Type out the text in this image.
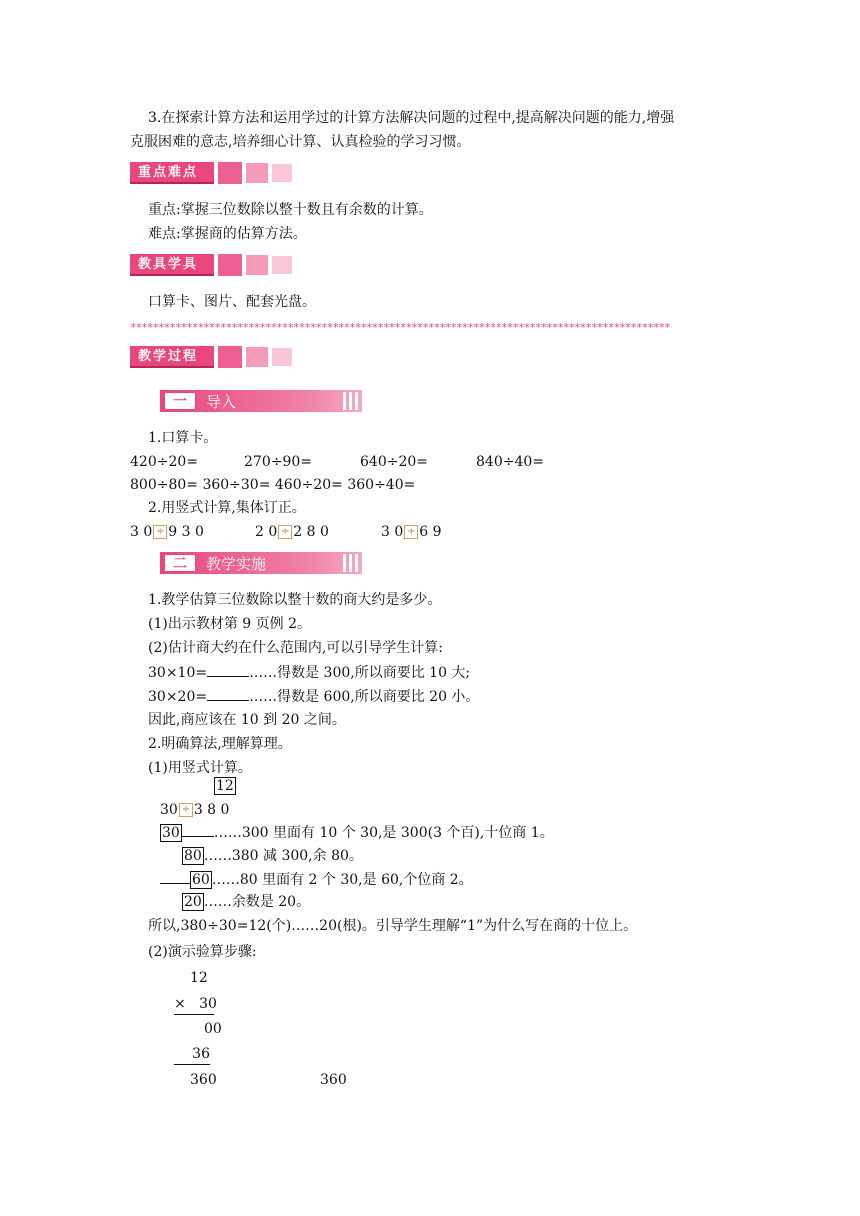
3.在探索计算方法和运用学过的计算方法解决问题的过程中,提高解决问题的能力,增强
克服困难的意志,培养细心计算、认真检验的学习习惯。
重点难点
重点:掌握三位数除以整十数且有余数的计算。
难点:掌握商的估算方法。
教具学具
口算卡、图片、配套光盘。
************************************************************************************************
教学过程
一	导入
1.口算卡。
420÷20=	270÷90=	640÷20=	840÷40=
800÷80= 360÷30= 460÷20= 360÷40=
2.用竖式计算,集体订正。
3 0 ÷ 9 3 0	2 0 ÷ 2 8 0	3 0 ÷ 6 9
二	教学实施
1.教学估算三位数除以整十数的商大约是多少。
(1)出示教材第 9 页例 2。
(2)估计商大约在什么范围内,可以引导学生计算:
30×10=	……得数是 300,所以商要比 10 大;
30×20=	……得数是 600,所以商要比 20 小。
因此,商应该在 10 到 20 之间。
2.明确算法,理解算理。
(1)用竖式计算。
12
30 ÷ 3 8 0
30 ……300 里面有 10 个 30,是 300(3 个百),十位商 1。
80 ……380 减 300,余 80。
60 ……80 里面有 2 个 30,是 60,个位商 2。
20 ……余数是 20。
所以,380÷30=12(个)……20(根)。引导学生理解“1”为什么写在商的十位上。
(2)演示验算步骤:
12
× 30
00
36
360	360
